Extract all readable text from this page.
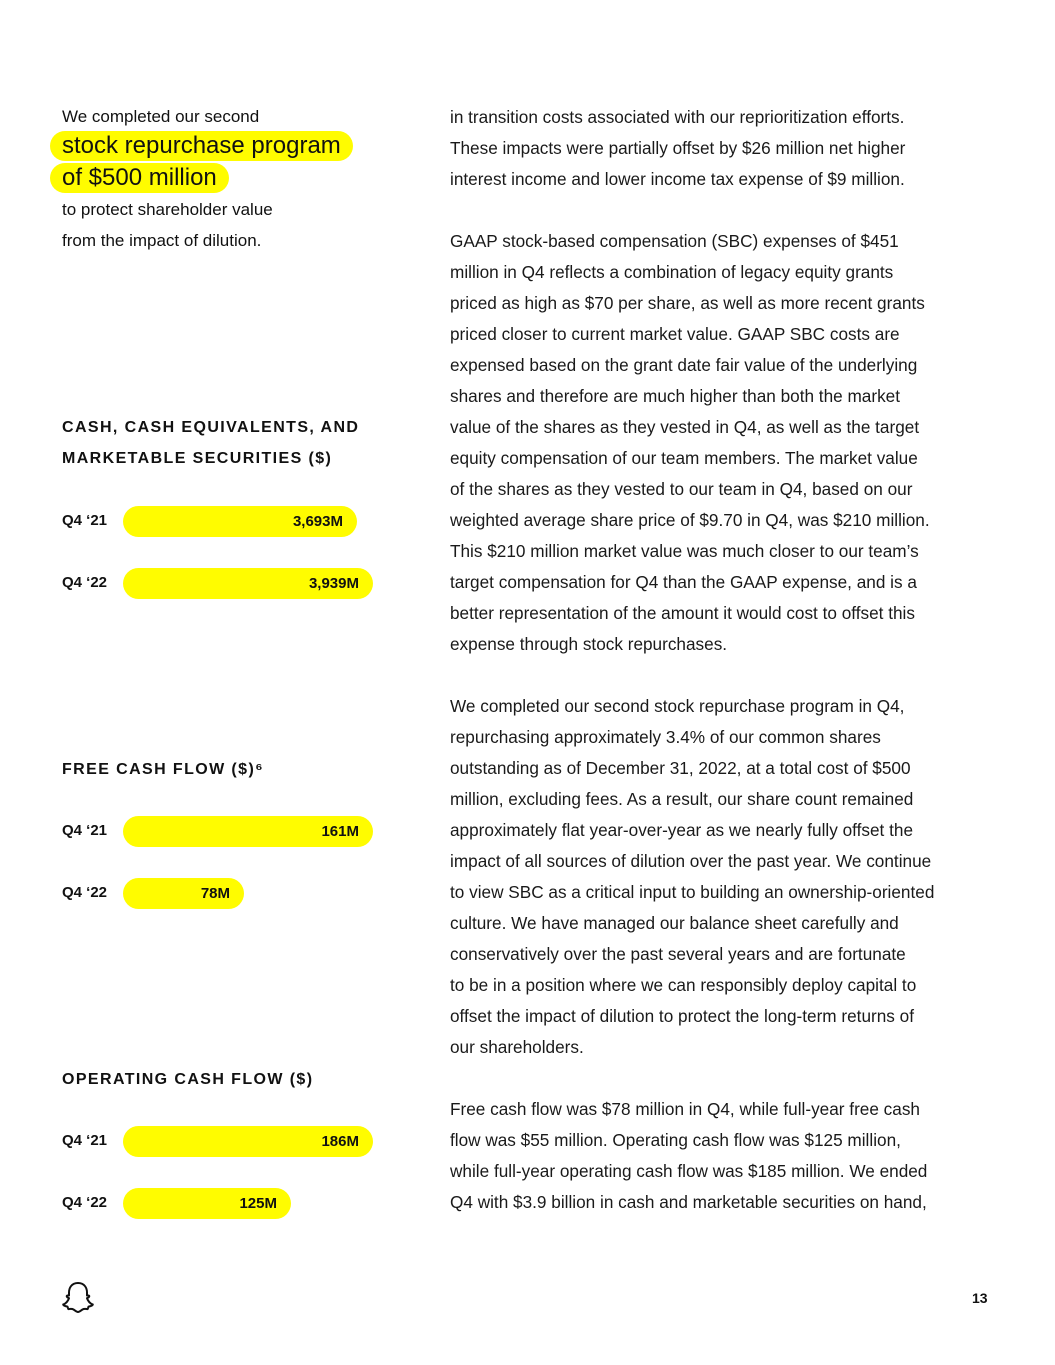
We completed our second
stock repurchase program
of $500 million
to protect shareholder value
from the impact of dilution.
CASH, CASH EQUIVALENTS, AND MARKETABLE SECURITIES ($)
Q4 ‘21	3,693M
Q4 ‘22	3,939M
FREE CASH FLOW ($)⁶
Q4 ‘21	161M
Q4 ‘22	78M
OPERATING CASH FLOW ($)
Q4 ‘21	186M
Q4 ‘22	125M

in transition costs associated with our reprioritization efforts.
These impacts were partially offset by $26 million net higher
interest income and lower income tax expense of $9 million.

GAAP stock-based compensation (SBC) expenses of $451
million in Q4 reflects a combination of legacy equity grants
priced as high as $70 per share, as well as more recent grants
priced closer to current market value. GAAP SBC costs are
expensed based on the grant date fair value of the underlying
shares and therefore are much higher than both the market
value of the shares as they vested in Q4, as well as the target
equity compensation of our team members. The market value
of the shares as they vested to our team in Q4, based on our
weighted average share price of $9.70 in Q4, was $210 million.
This $210 million market value was much closer to our team’s
target compensation for Q4 than the GAAP expense, and is a
better representation of the amount it would cost to offset this
expense through stock repurchases.

We completed our second stock repurchase program in Q4,
repurchasing approximately 3.4% of our common shares
outstanding as of December 31, 2022, at a total cost of $500
million, excluding fees. As a result, our share count remained
approximately flat year-over-year as we nearly fully offset the
impact of all sources of dilution over the past year. We continue
to view SBC as a critical input to building an ownership-oriented
culture. We have managed our balance sheet carefully and
conservatively over the past several years and are fortunate
to be in a position where we can responsibly deploy capital to
offset the impact of dilution to protect the long-term returns of
our shareholders.

Free cash flow was $78 million in Q4, while full-year free cash
flow was $55 million. Operating cash flow was $125 million,
while full-year operating cash flow was $185 million. We ended
Q4 with $3.9 billion in cash and marketable securities on hand,

13
